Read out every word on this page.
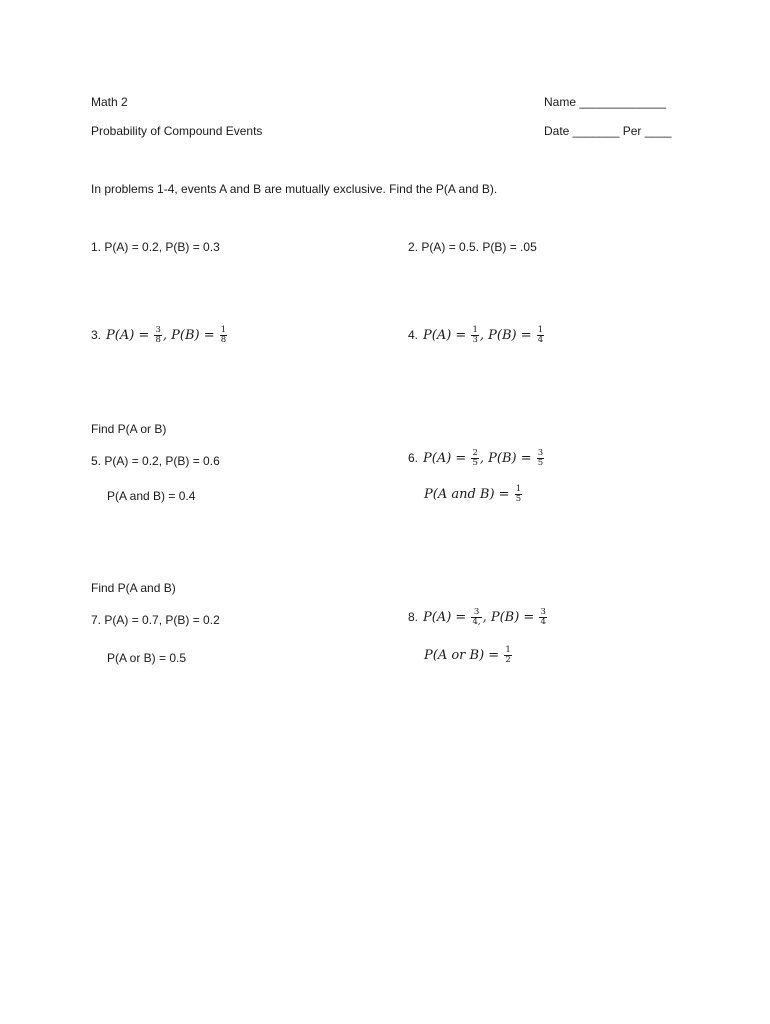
Math 2
Probability of Compound Events
Name _____________
Date _______ Per ____
In problems 1-4, events A and B are mutually exclusive. Find the P(A and B).
1. P(A) = 0.2, P(B) = 0.3	2. P(A) = 0.5. P(B) = .05
3. $P(A) = \frac{3}{8}$ , $P(B) = \frac{1}{8}$	4. $P(A) = \frac{1}{3}$ , $P(B) = \frac{1}{4}$
Find P(A or B)
5. P(A) = 0.2, P(B) = 0.6
P(A and B) = 0.4
6. $P(A) = \frac{2}{5}$ , $P(B) = \frac{3}{5}$
P(A and $B) = \frac{1}{5}$
Find P(A and B)
7. P(A) = 0.7, P(B) = 0.2
P(A or B) = 0.5
8. $P(A) = \frac{3}{4,}$ , $P(B) = \frac{3}{4}$
P(A or $B) = \frac{1}{2}$
